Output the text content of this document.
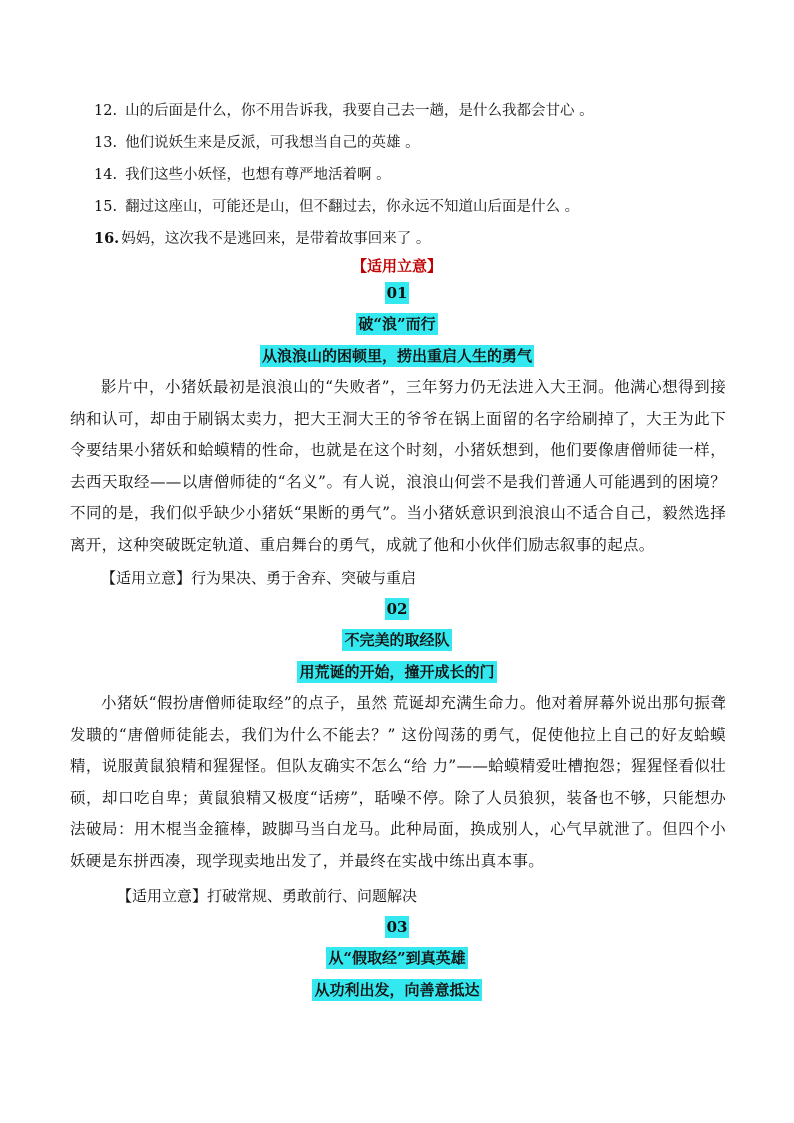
12. 山的后面是什么，你不用告诉我，我要自己去一趟，是什么我都会甘心 。
13. 他们说妖生来是反派，可我想当自己的英雄 。
14. 我们这些小妖怪，也想有尊严地活着啊 。
15. 翻过这座山，可能还是山，但不翻过去，你永远不知道山后面是什么 。
16. 妈妈，这次我不是逃回来，是带着故事回来了 。
【适用立意】
01
破“浪”而行
从浪浪山的困顿里，捞出重启人生的勇气
影片中，小猪妖最初是浪浪山的“失败者”，三年努力仍无法进入大王洞。他满心想得到接纳和认可，却由于刷锅太卖力，把大王洞大王的爷爷在锅上面留的名字给刷掉了，大王为此下令要结果小猪妖和蛤蟆精的性命，也就是在这个时刻，小猪妖想到，他们要像唐僧师徒一样，去西天取经——以唐僧师徒的“名义”。有人说，浪浪山何尝不是我们普通人可能遇到的困境？不同的是，我们似乎缺少小猪妖“果断的勇气”。当小猪妖意识到浪浪山不适合自己，毅然选择离开，这种突破既定轨道、重启舞台的勇气，成就了他和小伙伴们励志叙事的起点。
【适用立意】行为果决、勇于舍弃、突破与重启
02
不完美的取经队
用荒诞的开始，撞开成长的门
小猪妖“假扮唐僧师徒取经”的点子，虽然 荒诞却充满生命力。他对着屏幕外说出那句振聋发聩的“唐僧师徒能去，我们为什么不能去？” 这份闯荡的勇气，促使他拉上自己的好友蛤蟆精，说服黄鼠狼精和猩猩怪。但队友确实不怎么“给 力”——蛤蟆精爱吐槽抱怨；猩猩怪看似壮硕，却口吃自卑；黄鼠狼精又极度“话痨”，聒噪不停。除了人员狼狈，装备也不够，只能想办法破局：用木棍当金箍棒，跛脚马当白龙马。此种局面，换成别人，心气早就泄了。但四个小妖硬是东拼西凑，现学现卖地出发了，并最终在实战中练出真本事。
【适用立意】打破常规、勇敢前行、问题解决
03
从“假取经”到真英雄
从功利出发，向善意抵达
